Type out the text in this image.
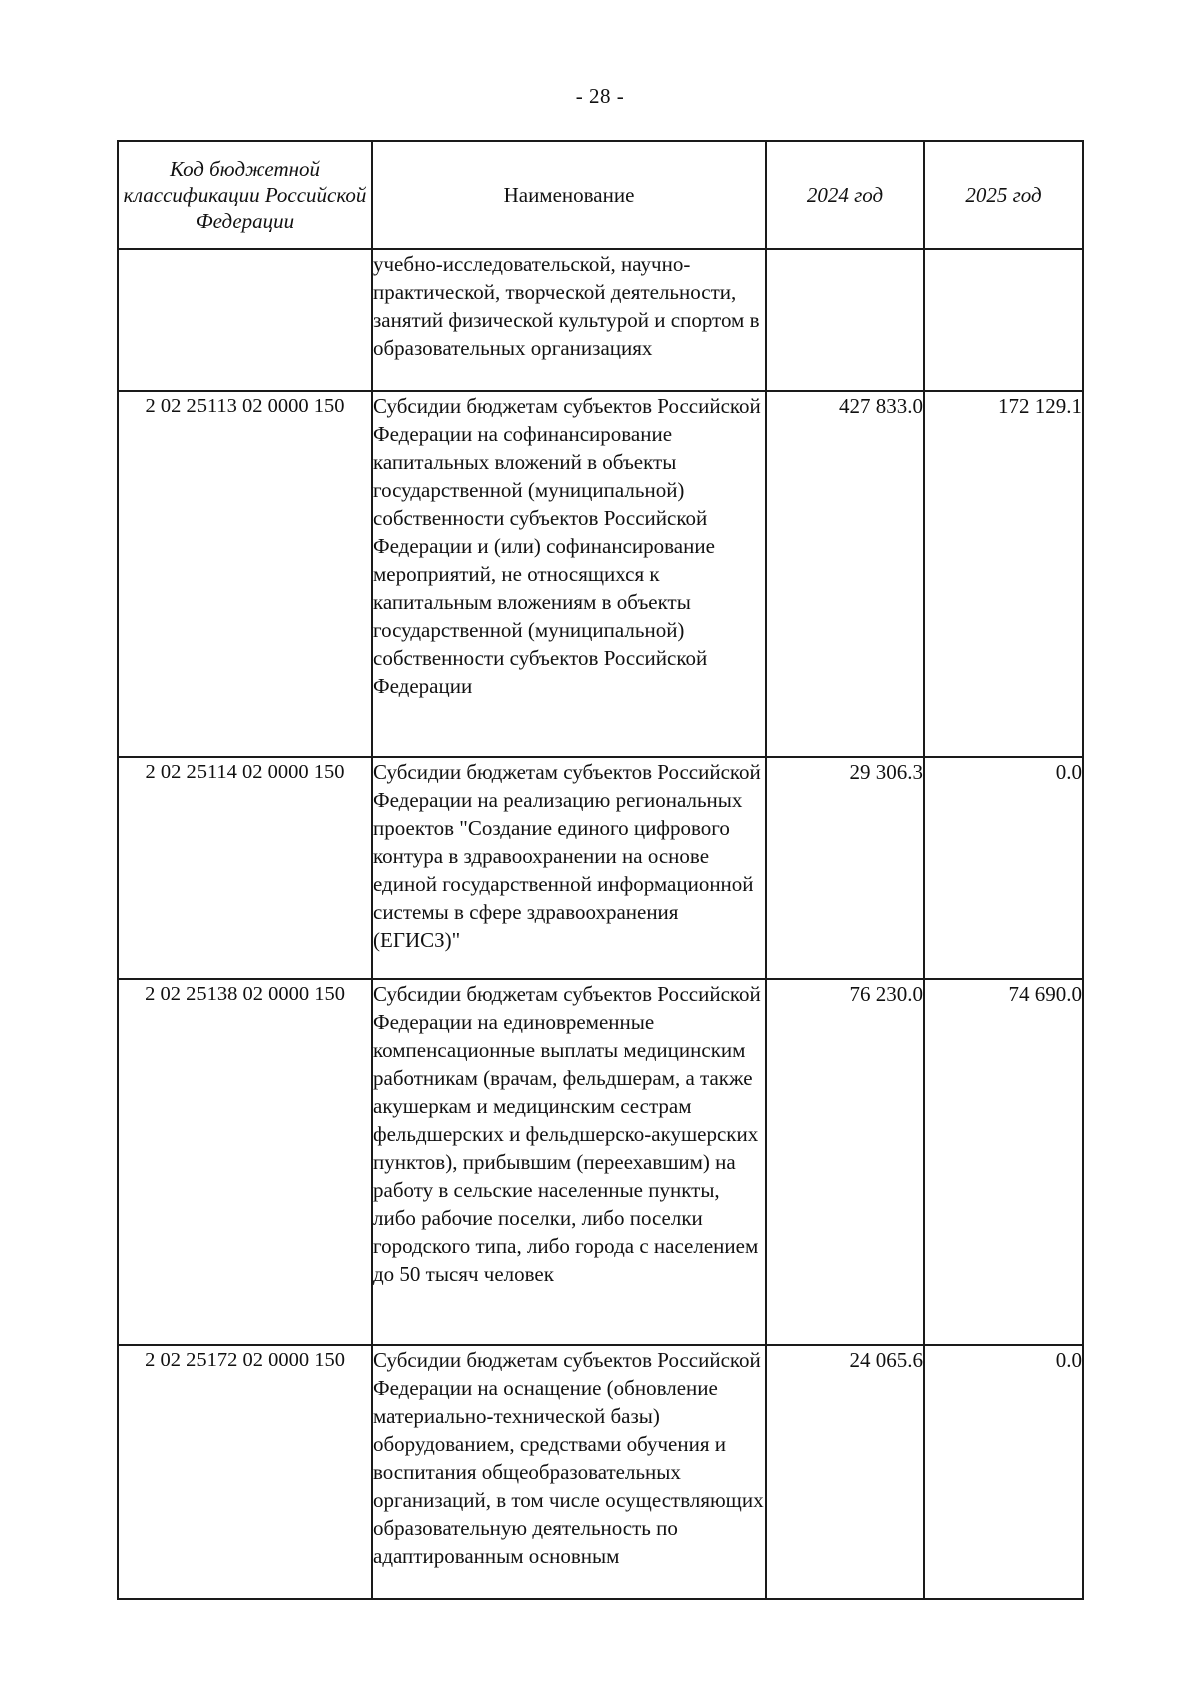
- 28 -
Код бюджетной классификации Российской Федерации	Наименование	2024 год	2025 год
	учебно-исследовательской, научно-практической, творческой деятельности, занятий физической культурой и спортом в образовательных организациях		
2 02 25113 02 0000 150	Субсидии бюджетам субъектов Российской Федерации на софинансирование капитальных вложений в объекты государственной (муниципальной) собственности субъектов Российской Федерации и (или) софинансирование мероприятий, не относящихся к капитальным вложениям в объекты государственной (муниципальной) собственности субъектов Российской Федерации	427 833.0	172 129.1
2 02 25114 02 0000 150	Субсидии бюджетам субъектов Российской Федерации на реализацию региональных проектов "Создание единого цифрового контура в здравоохранении на основе единой государственной информационной системы в сфере здравоохранения (ЕГИСЗ)"	29 306.3	0.0
2 02 25138 02 0000 150	Субсидии бюджетам субъектов Российской Федерации на единовременные компенсационные выплаты медицинским работникам (врачам, фельдшерам, а также акушеркам и медицинским сестрам фельдшерских и фельдшерско-акушерских пунктов), прибывшим (переехавшим) на работу в сельские населенные пункты, либо рабочие поселки, либо поселки городского типа, либо города с населением до 50 тысяч человек	76 230.0	74 690.0
2 02 25172 02 0000 150	Субсидии бюджетам субъектов Российской Федерации на оснащение (обновление материально-технической базы) оборудованием, средствами обучения и воспитания общеобразовательных организаций, в том числе осуществляющих образовательную деятельность по адаптированным основным	24 065.6	0.0
